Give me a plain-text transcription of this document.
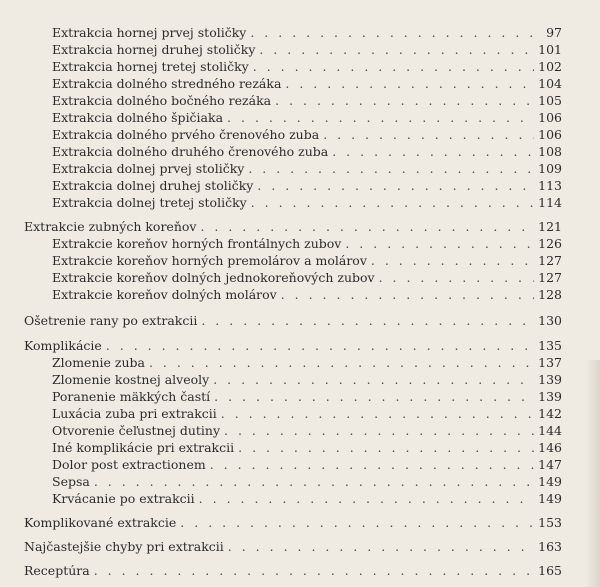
Extrakcia hornej prvej stoličky . . .	97
Extrakcia hornej druhej stoličky . . .	101
Extrakcia hornej tretej stoličky . . .	102
Extrakcia dolného stredného rezáka . . .	104
Extrakcia dolného bočného rezáka . . .	105
Extrakcia dolného špičiaka . . .	106
Extrakcia dolného prvého črenového zuba . . .	106
Extrakcia dolného druhého črenového zuba . . .	108
Extrakcia dolnej prvej stoličky . . .	109
Extrakcia dolnej druhej stoličky . . .	113
Extrakcia dolnej tretej stoličky . . .	114
Extrakcie zubných koreňov . . .	121
Extrakcie koreňov horných frontálnych zubov . . .	126
Extrakcie koreňov horných premolárov a molárov . . .	127
Extrakcie koreňov dolných jednokoreňových zubov . . .	127
Extrakcie koreňov dolných molárov . . .	128
Ošetrenie rany po extrakcii . . .	130
Komplikácie . . .	135
Zlomenie zuba . . .	137
Zlomenie kostnej alveoly . . .	139
Poranenie mäkkých častí . . .	139
Luxácia zuba pri extrakcii . . .	142
Otvorenie čeľustnej dutiny . . .	144
Iné komplikácie pri extrakcii . . .	146
Dolor post extractionem . . .	147
Sepsa . . .	149
Krvácanie po extrakcii . . .	149
Komplikované extrakcie . . .	153
Najčastejšie chyby pri extrakcii . . .	163
Receptúra . . .	165
